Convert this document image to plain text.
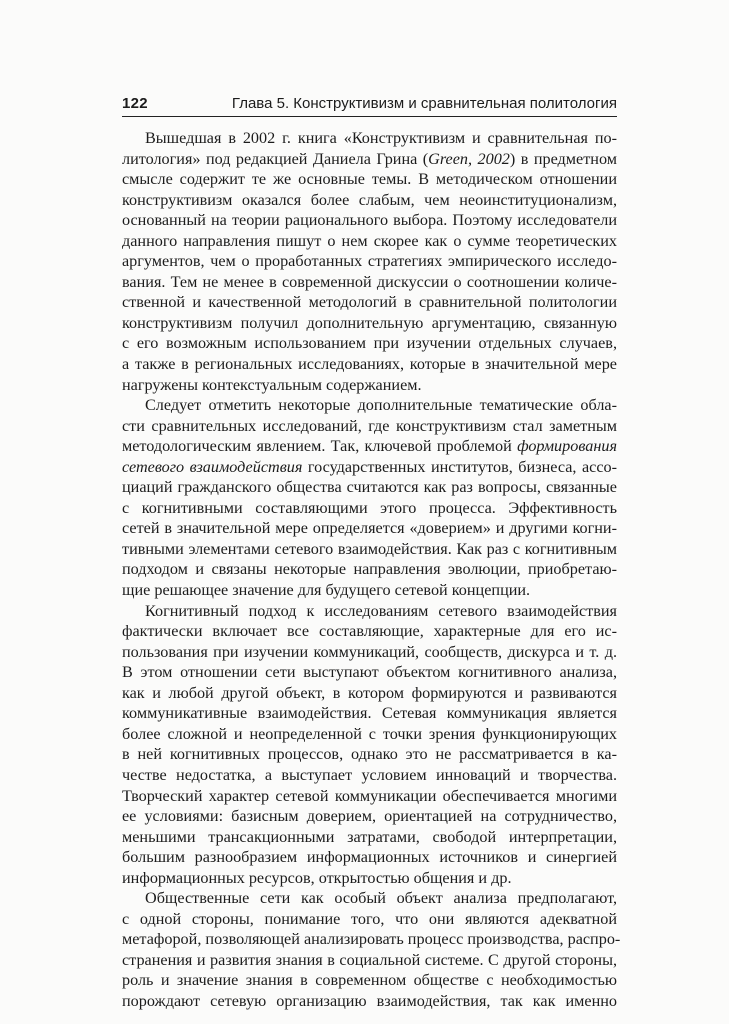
122	Глава 5. Конструктивизм и сравнительная политология

Вышедшая в 2002 г. книга «Конструктивизм и сравнительная по-
литология» под редакцией Даниела Грина (Green, 2002) в предметном
смысле содержит те же основные темы. В методическом отношении
конструктивизм оказался более слабым, чем неоинституционализм,
основанный на теории рационального выбора. Поэтому исследователи
данного направления пишут о нем скорее как о сумме теоретических
аргументов, чем о проработанных стратегиях эмпирического исследо-
вания. Тем не менее в современной дискуссии о соотношении количе-
ственной и качественной методологий в сравнительной политологии
конструктивизм получил дополнительную аргументацию, связанную
с его возможным использованием при изучении отдельных случаев,
а также в региональных исследованиях, которые в значительной мере
нагружены контекстуальным содержанием.

Следует отметить некоторые дополнительные тематические обла-
сти сравнительных исследований, где конструктивизм стал заметным
методологическим явлением. Так, ключевой проблемой формирования
сетевого взаимодействия государственных институтов, бизнеса, ассо-
циаций гражданского общества считаются как раз вопросы, связанные
с когнитивными составляющими этого процесса. Эффективность
сетей в значительной мере определяется «доверием» и другими когни-
тивными элементами сетевого взаимодействия. Как раз с когнитивным
подходом и связаны некоторые направления эволюции, приобретаю-
щие решающее значение для будущего сетевой концепции.

Когнитивный подход к исследованиям сетевого взаимодействия
фактически включает все составляющие, характерные для его ис-
пользования при изучении коммуникаций, сообществ, дискурса и т. д.
В этом отношении сети выступают объектом когнитивного анализа,
как и любой другой объект, в котором формируются и развиваются
коммуникативные взаимодействия. Сетевая коммуникация является
более сложной и неопределенной с точки зрения функционирующих
в ней когнитивных процессов, однако это не рассматривается в ка-
честве недостатка, а выступает условием инноваций и творчества.
Творческий характер сетевой коммуникации обеспечивается многими
ее условиями: базисным доверием, ориентацией на сотрудничество,
меньшими трансакционными затратами, свободой интерпретации,
большим разнообразием информационных источников и синергией
информационных ресурсов, открытостью общения и др.

Общественные сети как особый объект анализа предполагают,
с одной стороны, понимание того, что они являются адекватной
метафорой, позволяющей анализировать процесс производства, распро-
странения и развития знания в социальной системе. С другой стороны,
роль и значение знания в современном обществе с необходимостью
порождают сетевую организацию взаимодействия, так как именно
